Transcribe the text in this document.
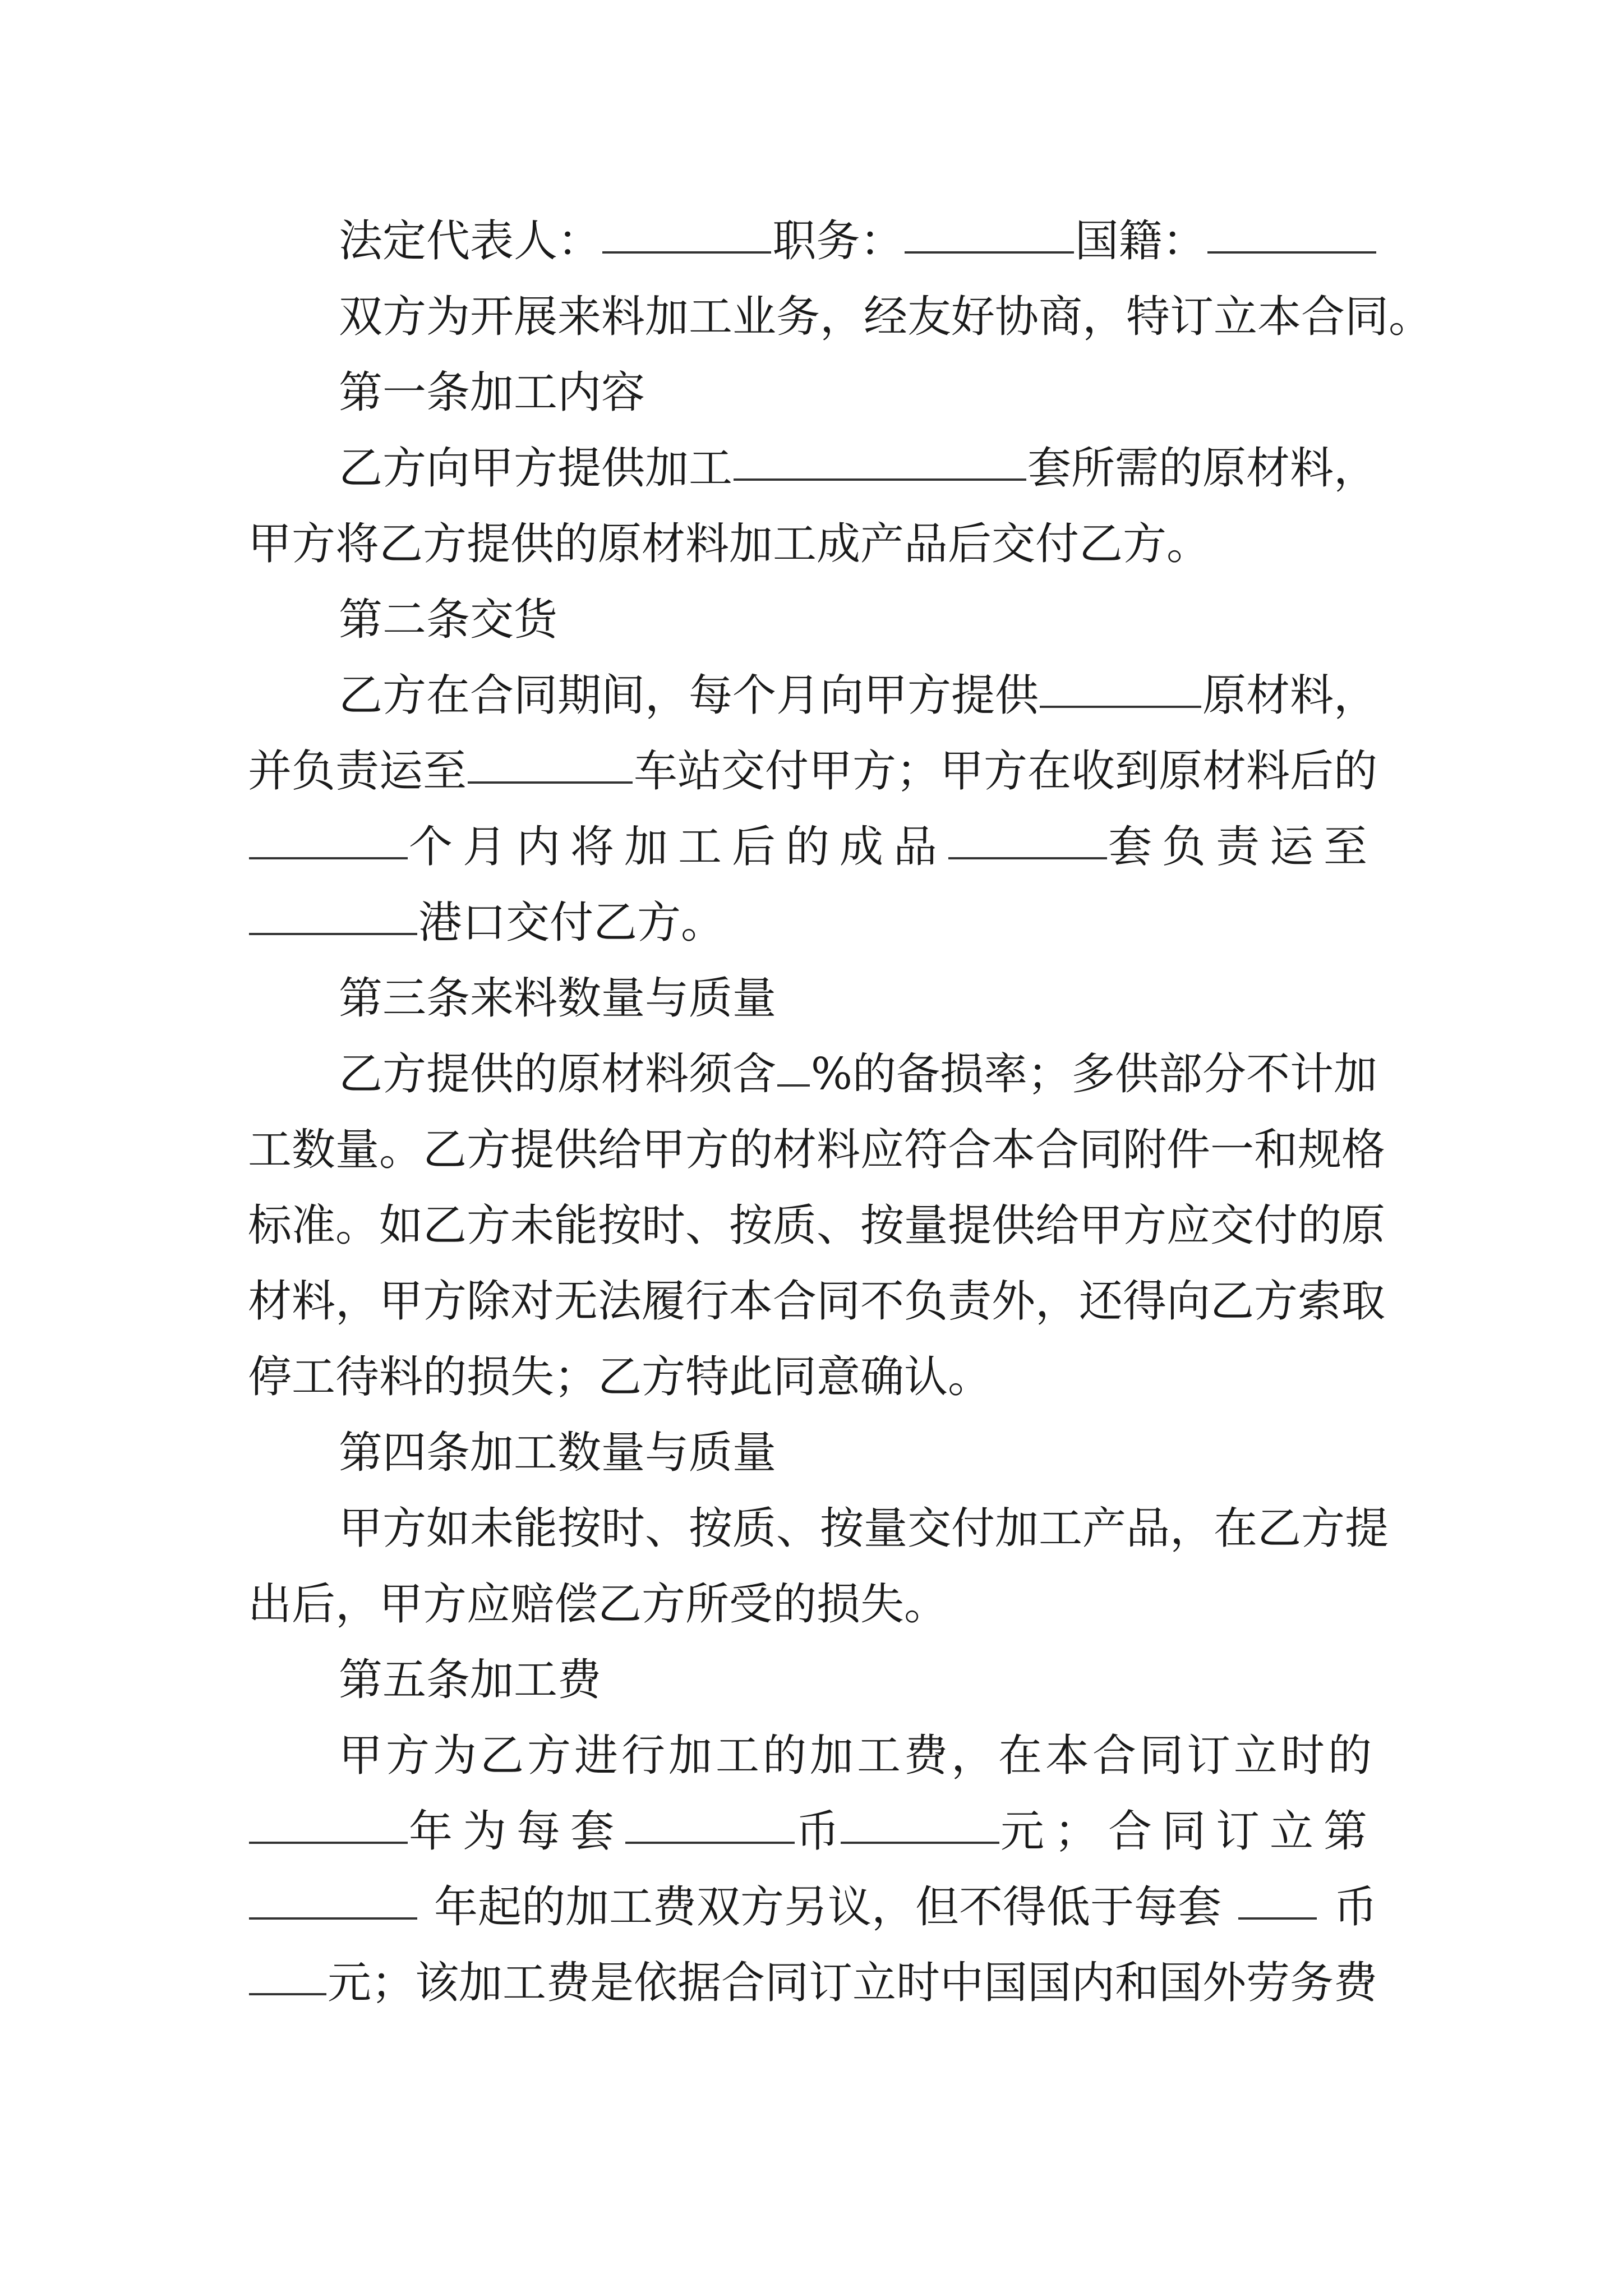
法定代表人：	职务：	国籍：
双方为开展来料加工业务，经友好协商，特订立本合同。
第一条加工内容
乙方向甲方提供加工	套所需的原材料，
甲方将乙方提供的原材料加工成产品后交付乙方。
第二条交货
乙方在合同期间，每个月向甲方提供	原材料，
并负责运至	车站交付甲方；甲方在收到原材料后的
个月内将加工后的成品	套负责运至
港口交付乙方。
第三条来料数量与质量
乙方提供的原材料须含 %的备损率；多供部分不计加
工数量。乙方提供给甲方的材料应符合本合同附件一和规格
标准。如乙方未能按时、按质、按量提供给甲方应交付的原
材料，甲方除对无法履行本合同不负责外，还得向乙方索取
停工待料的损失；乙方特此同意确认。
第四条加工数量与质量
甲方如未能按时、按质、按量交付加工产品，在乙方提
出后，甲方应赔偿乙方所受的损失。
第五条加工费
甲方为乙方进行加工的加工费，在本合同订立时的
年为每套	币	元；合同订立第
年起的加工费双方另议，但不得低于每套	币
元；该加工费是依据合同订立时中国国内和国外劳务费
